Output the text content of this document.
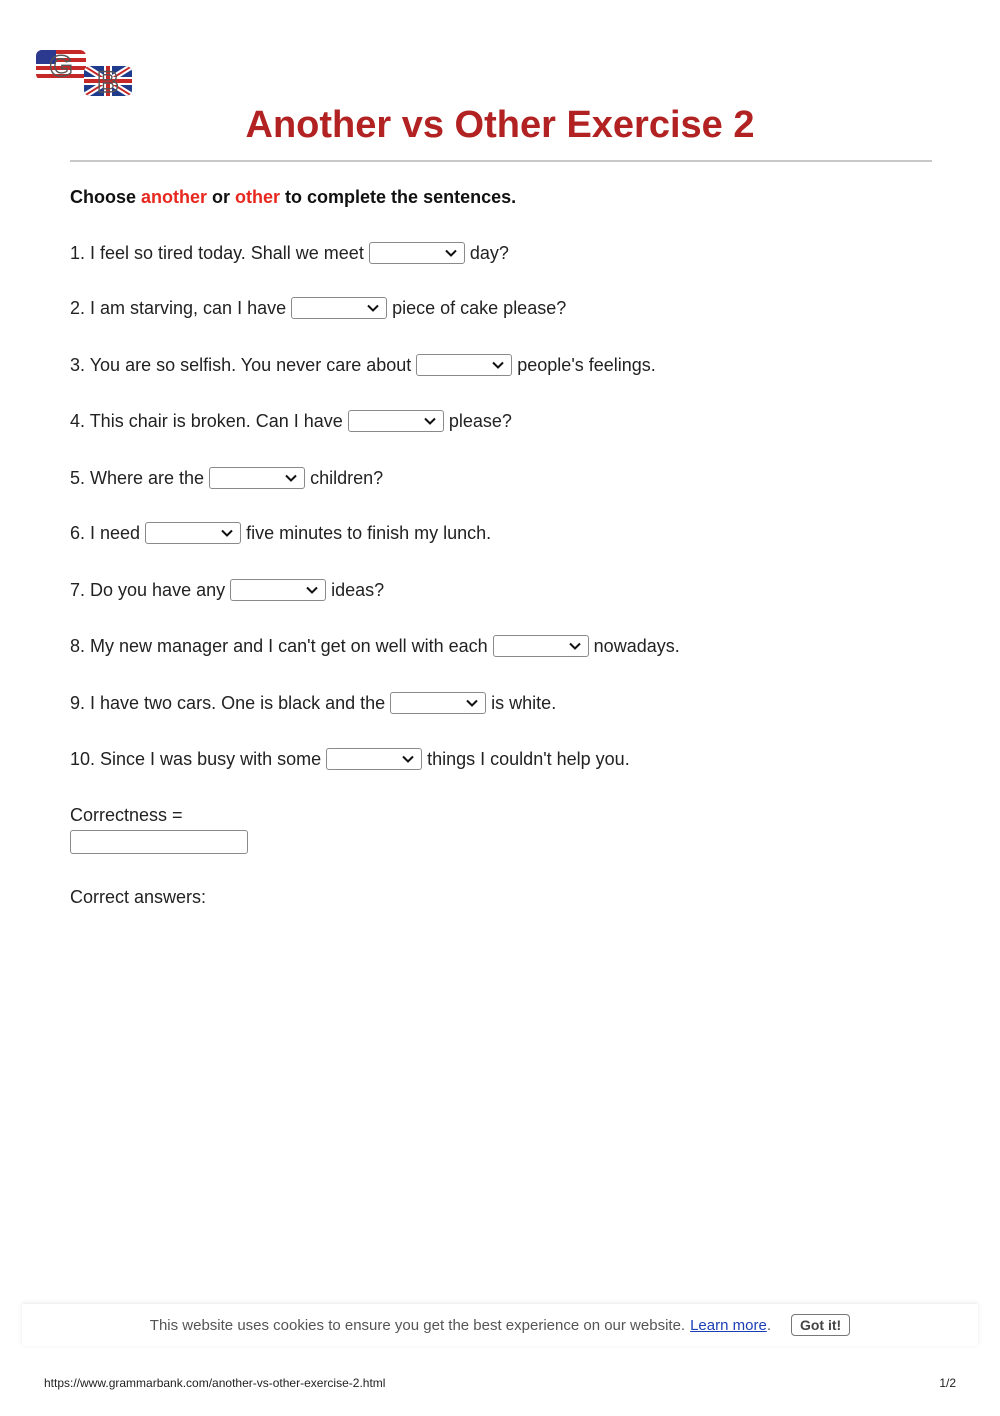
G B
Another vs Other Exercise 2
Choose another or other to complete the sentences.
1. I feel so tired today. Shall we meet	day?
2. I am starving, can I have	piece of cake please?
3. You are so selfish. You never care about	people's feelings.
4. This chair is broken. Can I have	please?
5. Where are the	children?
6. I need	five minutes to finish my lunch.
7. Do you have any	ideas?
8. My new manager and I can't get on well with each	nowadays.
9. I have two cars. One is black and the	is white.
10. Since I was busy with some	things I couldn't help you.
Correctness =
Correct answers:
This website uses cookies to ensure you get the best experience on our website. Learn more .	Got it!
https://www.grammarbank.com/another-vs-other-exercise-2.html	1/2
